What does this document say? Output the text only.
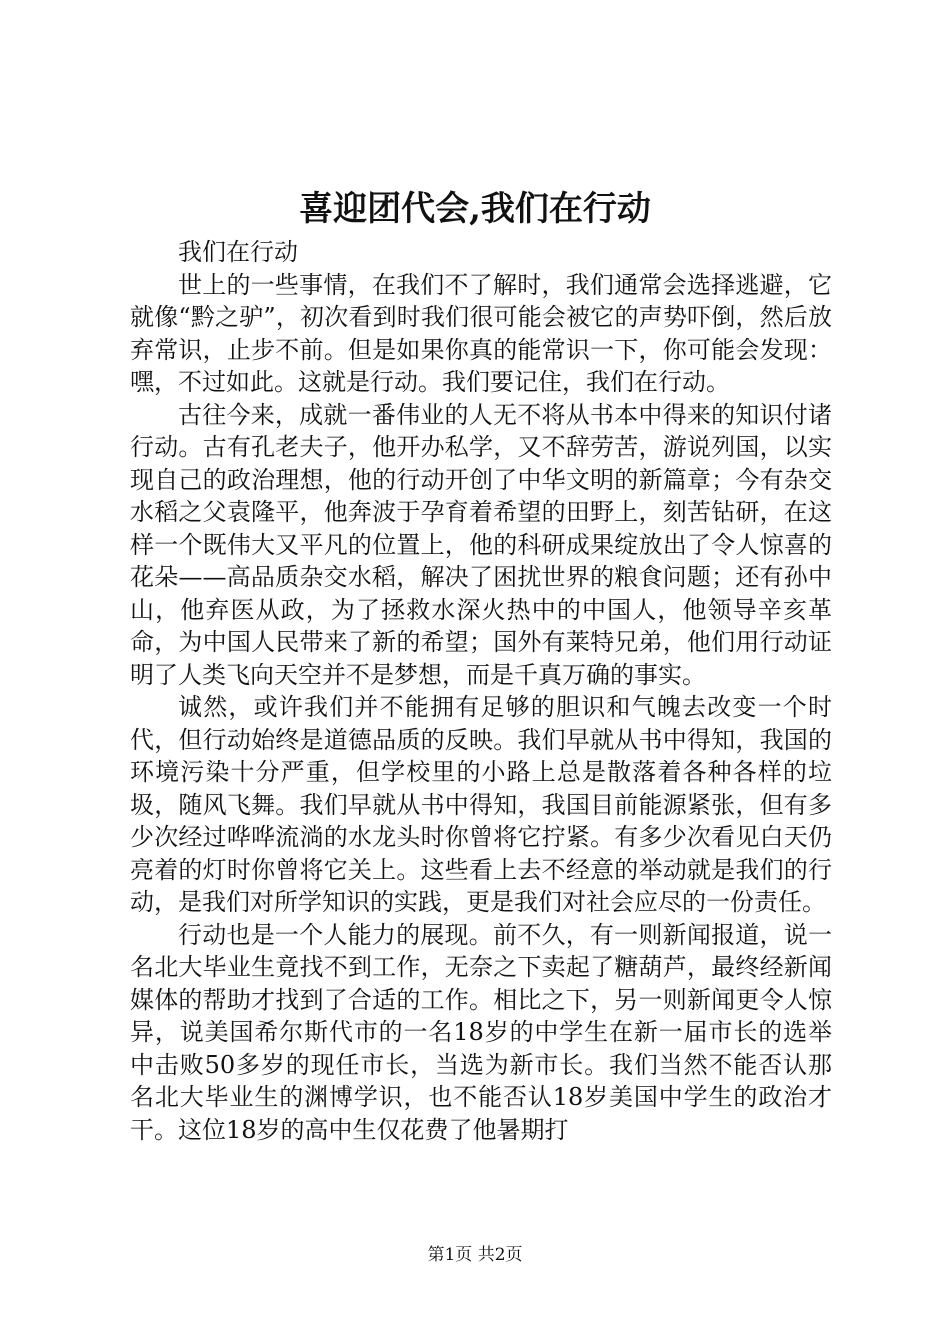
喜迎团代会,我们在行动

我们在行动

世上的一些事情，在我们不了解时，我们通常会选择逃避，它就像“黔之驴”，初次看到时我们很可能会被它的声势吓倒，然后放弃常识，止步不前。但是如果你真的能常识一下，你可能会发现：嘿，不过如此。这就是行动。我们要记住，我们在行动。

古往今来，成就一番伟业的人无不将从书本中得来的知识付诸行动。古有孔老夫子，他开办私学，又不辞劳苦，游说列国，以实现自己的政治理想，他的行动开创了中华文明的新篇章；今有杂交水稻之父袁隆平，他奔波于孕育着希望的田野上，刻苦钻研，在这样一个既伟大又平凡的位置上，他的科研成果绽放出了令人惊喜的花朵——高品质杂交水稻，解决了困扰世界的粮食问题；还有孙中山，他弃医从政，为了拯救水深火热中的中国人，他领导辛亥革命，为中国人民带来了新的希望；国外有莱特兄弟，他们用行动证明了人类飞向天空并不是梦想，而是千真万确的事实。

诚然，或许我们并不能拥有足够的胆识和气魄去改变一个时代，但行动始终是道德品质的反映。我们早就从书中得知，我国的环境污染十分严重，但学校里的小路上总是散落着各种各样的垃圾，随风飞舞。我们早就从书中得知，我国目前能源紧张，但有多少次经过哗哗流淌的水龙头时你曾将它拧紧。有多少次看见白天仍亮着的灯时你曾将它关上。这些看上去不经意的举动就是我们的行动，是我们对所学知识的实践，更是我们对社会应尽的一份责任。

行动也是一个人能力的展现。前不久，有一则新闻报道，说一名北大毕业生竟找不到工作，无奈之下卖起了糖葫芦，最终经新闻媒体的帮助才找到了合适的工作。相比之下，另一则新闻更令人惊异，说美国希尔斯代市的一名18岁的中学生在新一届市长的选举中击败50多岁的现任市长，当选为新市长。我们当然不能否认那名北大毕业生的渊博学识，也不能否认18岁美国中学生的政治才干。这位18岁的高中生仅花费了他暑期打

第1页 共2页
